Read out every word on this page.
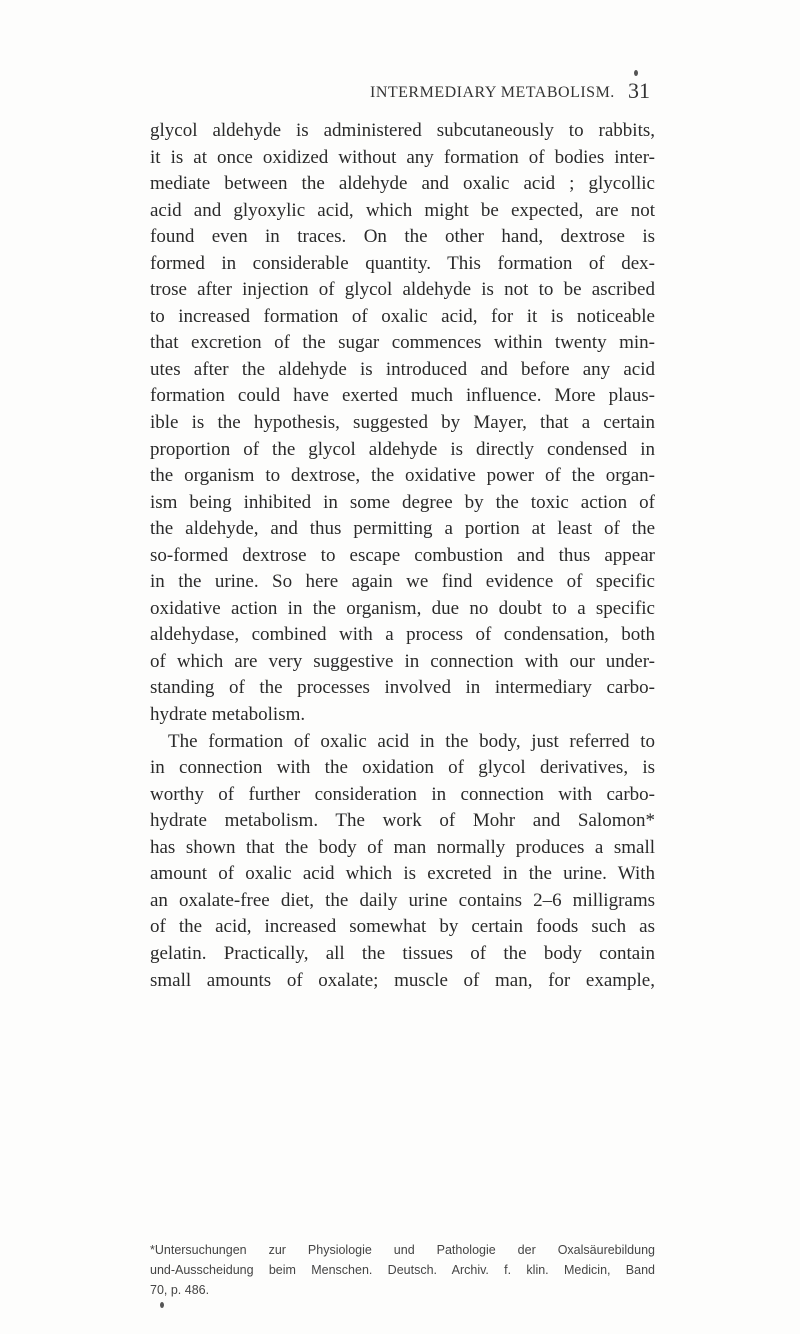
INTERMEDIARY METABOLISM. 31
glycol aldehyde is administered subcutaneously to rabbits,
it is at once oxidized without any formation of bodies inter-
mediate between the aldehyde and oxalic acid ; glycollic
acid and glyoxylic acid, which might be expected, are not
found even in traces. On the other hand, dextrose is
formed in considerable quantity. This formation of dex-
trose after injection of glycol aldehyde is not to be ascribed
to increased formation of oxalic acid, for it is noticeable
that excretion of the sugar commences within twenty min-
utes after the aldehyde is introduced and before any acid
formation could have exerted much influence. More plaus-
ible is the hypothesis, suggested by Mayer, that a certain
proportion of the glycol aldehyde is directly condensed in
the organism to dextrose, the oxidative power of the organ-
ism being inhibited in some degree by the toxic action of
the aldehyde, and thus permitting a portion at least of the
so-formed dextrose to escape combustion and thus appear
in the urine. So here again we find evidence of specific
oxidative action in the organism, due no doubt to a specific
aldehydase, combined with a process of condensation, both
of which are very suggestive in connection with our under-
standing of the processes involved in intermediary carbo-
hydrate metabolism.
The formation of oxalic acid in the body, just referred to
in connection with the oxidation of glycol derivatives, is
worthy of further consideration in connection with carbo-
hydrate metabolism. The work of Mohr and Salomon*
has shown that the body of man normally produces a small
amount of oxalic acid which is excreted in the urine. With
an oxalate-free diet, the daily urine contains 2–6 milligrams
of the acid, increased somewhat by certain foods such as
gelatin. Practically, all the tissues of the body contain
small amounts of oxalate; muscle of man, for example,
*Untersuchungen zur Physiologie und Pathologie der Oxalsäurebildung
und-Ausscheidung beim Menschen. Deutsch. Archiv. f. klin. Medicin, Band
70, p. 486.
